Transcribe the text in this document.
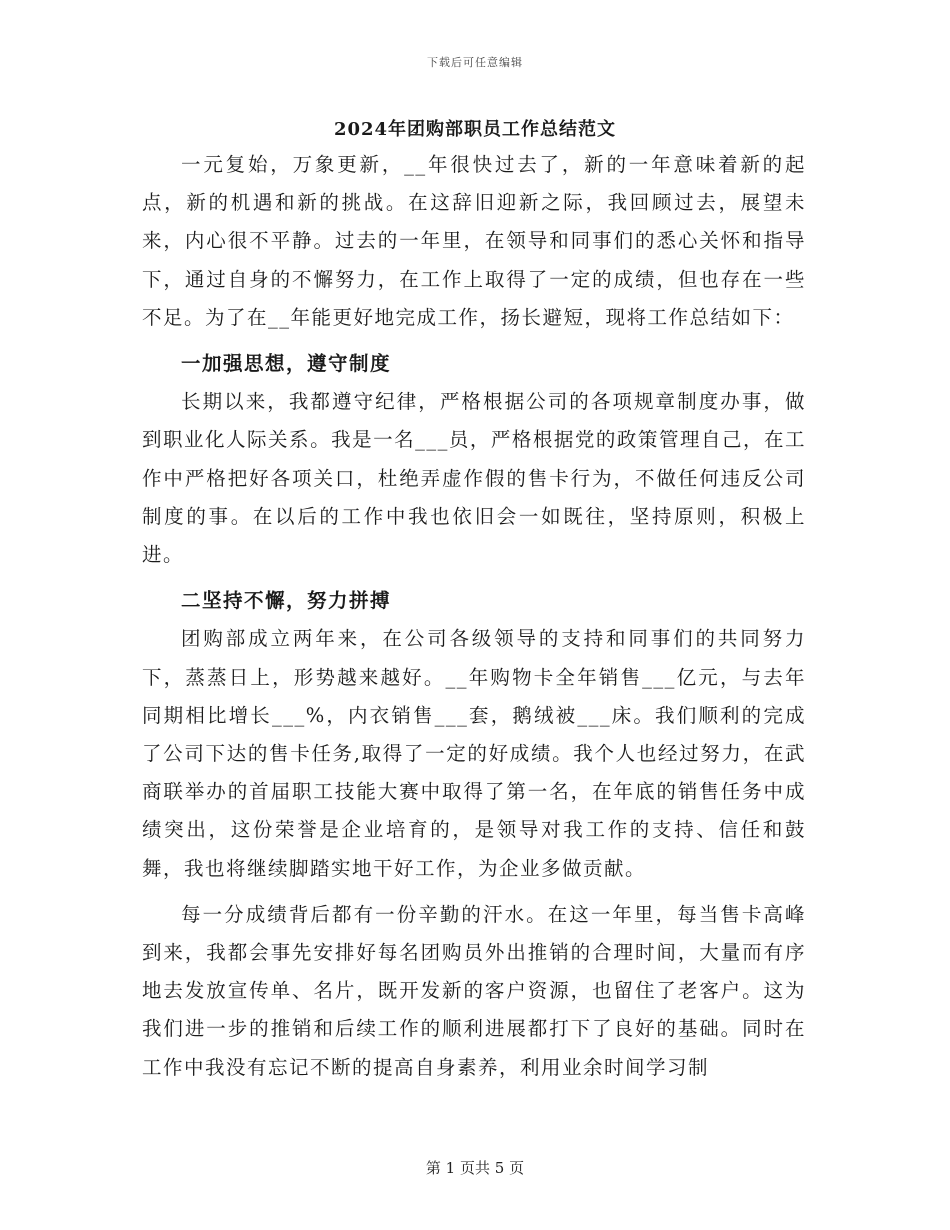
下载后可任意编辑
2024年团购部职员工作总结范文

一元复始，万象更新，__年很快过去了，新的一年意味着新的起点，新的机遇和新的挑战。在这辞旧迎新之际，我回顾过去，展望未来，内心很不平静。过去的一年里，在领导和同事们的悉心关怀和指导下，通过自身的不懈努力，在工作上取得了一定的成绩，但也存在一些不足。为了在__年能更好地完成工作，扬长避短，现将工作总结如下：

一加强思想，遵守制度

长期以来，我都遵守纪律，严格根据公司的各项规章制度办事，做到职业化人际关系。我是一名___员，严格根据党的政策管理自己，在工作中严格把好各项关口，杜绝弄虚作假的售卡行为，不做任何违反公司制度的事。在以后的工作中我也依旧会一如既往，坚持原则，积极上进。

二坚持不懈，努力拼搏

团购部成立两年来，在公司各级领导的支持和同事们的共同努力下，蒸蒸日上，形势越来越好。__年购物卡全年销售___亿元，与去年同期相比增长___%，内衣销售___套，鹅绒被___床。我们顺利的完成了公司下达的售卡任务,取得了一定的好成绩。我个人也经过努力，在武商联举办的首届职工技能大赛中取得了第一名，在年底的销售任务中成绩突出，这份荣誉是企业培育的，是领导对我工作的支持、信任和鼓舞，我也将继续脚踏实地干好工作，为企业多做贡献。

每一分成绩背后都有一份辛勤的汗水。在这一年里，每当售卡高峰到来，我都会事先安排好每名团购员外出推销的合理时间，大量而有序地去发放宣传单、名片，既开发新的客户资源，也留住了老客户。这为我们进一步的推销和后续工作的顺利进展都打下了良好的基础。同时在工作中我没有忘记不断的提高自身素养，利用业余时间学习制

第 1 页共 5 页
